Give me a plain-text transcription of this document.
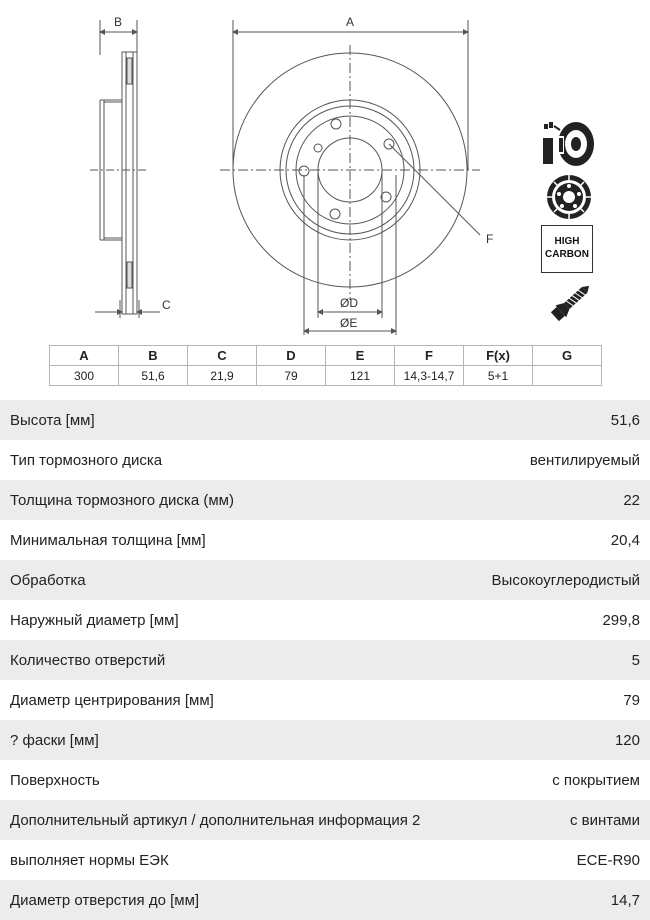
B	A
C	ØD
ØE
F	HIGH
CARBON
A	B	C	D	E	F	F(x)	G
300	51,6	21,9	79	121	14,3-14,7	5+1	
Высота [мм]	51,6
Тип тормозного диска	вентилируемый
Толщина тормозного диска (мм)	22
Минимальная толщина [мм]	20,4
Обработка	Высокоуглеродистый
Наружный диаметр [мм]	299,8
Количество отверстий	5
Диаметр центрирования [мм]	79
? фаски [мм]	120
Поверхность	с покрытием
Дополнительный артикул / дополнительная информация 2	с винтами
выполняет нормы ЕЭК	ECE-R90
Диаметр отверстия до [мм]	14,7
